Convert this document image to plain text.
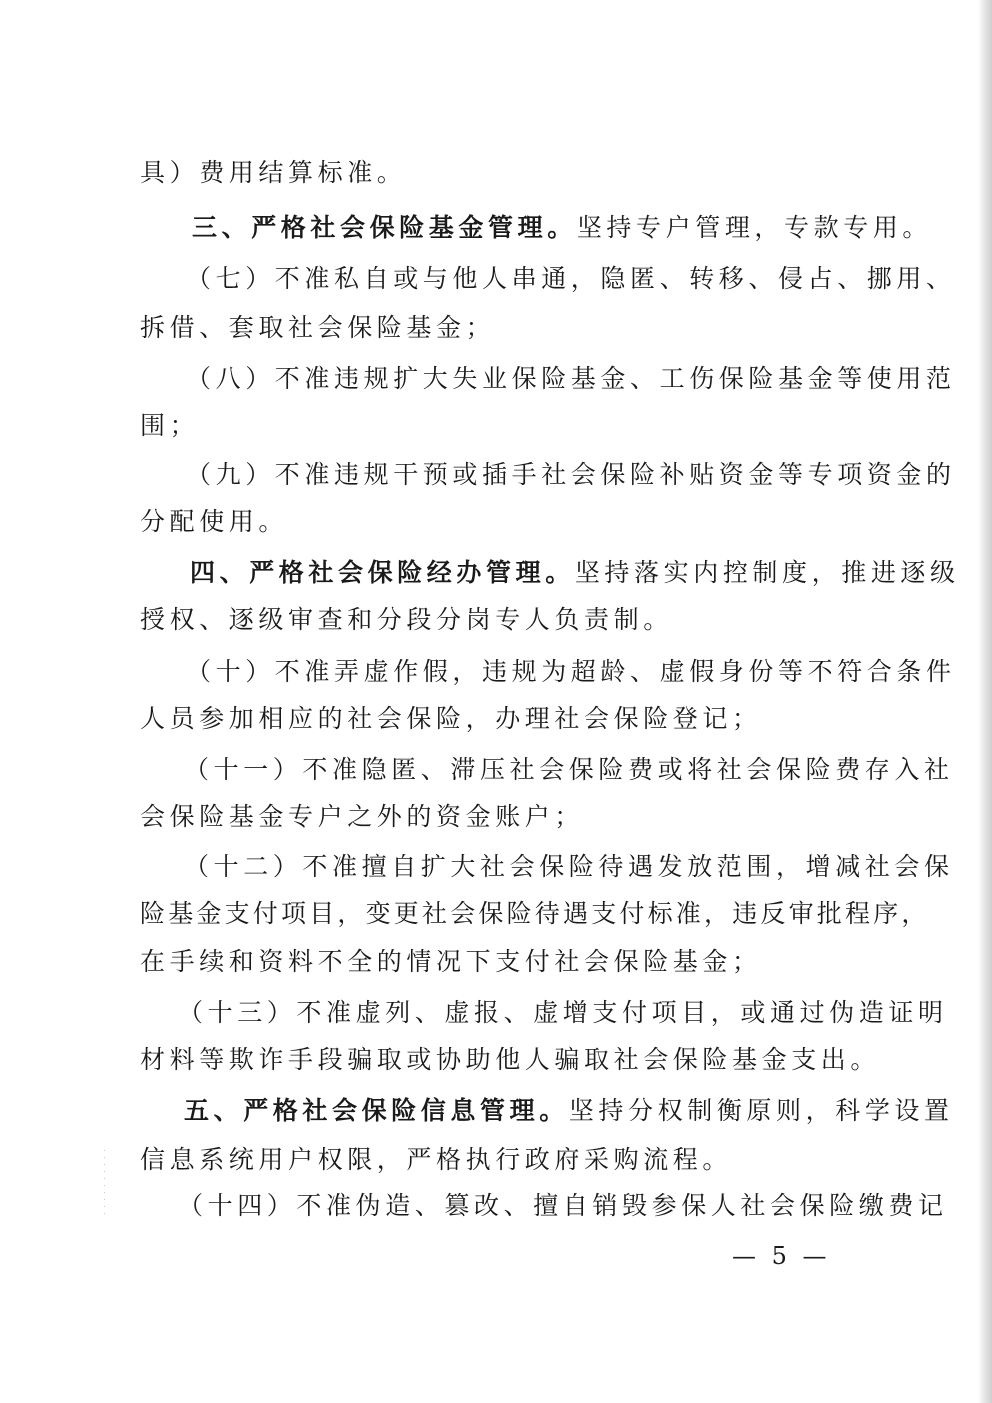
具）费用结算标准。
三、严格社会保险基金管理。坚持专户管理，专款专用。
（七）不准私自或与他人串通，隐匿、转移、侵占、挪用、
拆借、套取社会保险基金；
（八）不准违规扩大失业保险基金、工伤保险基金等使用范
围；
（九）不准违规干预或插手社会保险补贴资金等专项资金的
分配使用。
四、严格社会保险经办管理。坚持落实内控制度，推进逐级
授权、逐级审查和分段分岗专人负责制。
（十）不准弄虚作假，违规为超龄、虚假身份等不符合条件
人员参加相应的社会保险，办理社会保险登记；
（十一）不准隐匿、滞压社会保险费或将社会保险费存入社
会保险基金专户之外的资金账户；
（十二）不准擅自扩大社会保险待遇发放范围，增减社会保
险基金支付项目，变更社会保险待遇支付标准，违反审批程序，
在手续和资料不全的情况下支付社会保险基金；
（十三）不准虚列、虚报、虚增支付项目，或通过伪造证明
材料等欺诈手段骗取或协助他人骗取社会保险基金支出。
五、严格社会保险信息管理。坚持分权制衡原则，科学设置
信息系统用户权限，严格执行政府采购流程。
（十四）不准伪造、篡改、擅自销毁参保人社会保险缴费记
— 5 —
